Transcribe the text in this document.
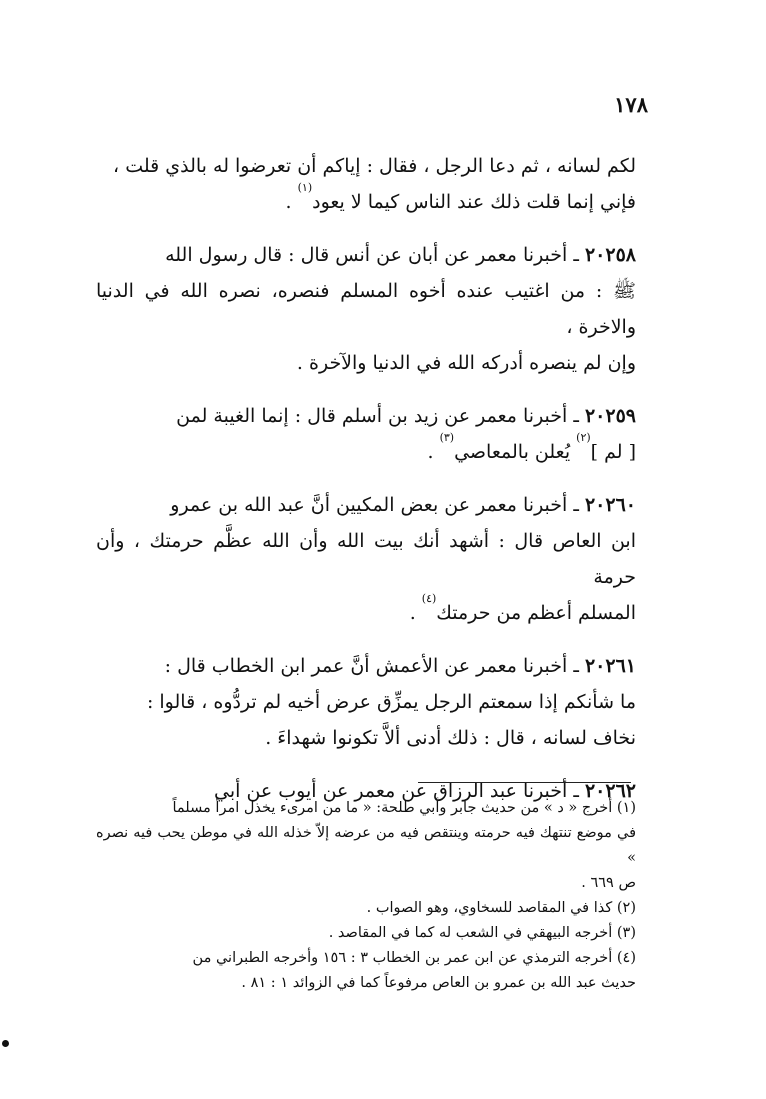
١٧٨

لكم لسانه ، ثم دعا الرجل ، فقال : إياكم أن تعرضوا له بالذي قلت ،

فإني إنما قلت ذلك عند الناس كيما لا يعود$^{(١)}$ .

٢٠٢٥٨ ـ أخبرنا معمر عن أبان عن أنس قال : قال رسول الله

ﷺ : من اغتيب عنده أخوه المسلم فنصره، نصره الله في الدنيا والاخرة ،

وإن لم ينصره أدركه الله في الدنيا والآخرة .

٢٠٢٥٩ ـ أخبرنا معمر عن زيد بن أسلم قال : إنما الغيبة لمن

[ لم ]$^{(٢)}$ يُعلن بالمعاصي$^{(٣)}$ .

٢٠٢٦٠ ـ أخبرنا معمر عن بعض المكيين أنَّ عبد الله بن عمرو

ابن العاص قال : أشهد أنك بيت الله وأن الله عظَّم حرمتك ، وأن حرمة

المسلم أعظم من حرمتك$^{(٤)}$ .

٢٠٢٦١ ـ أخبرنا معمر عن الأعمش أنَّ عمر ابن الخطاب قال :

ما شأنكم إذا سمعتم الرجل يمزِّق عرض أخيه لم تردُّوه ، قالوا :

نخاف لسانه ، قال : ذلك أدنى ألاَّ تكونوا شهداءَ .

٢٠٢٦٢ ـ أخبرنا عبد الرزاق عن معمر عن أيوب عن أبي

(١) أخرج « د » من حديث جابر وأبي طلحة: « ما من امرىء يخذل امرأ مسلماً

في موضع تنتهك فيه حرمته وينتقص فيه من عرضه إلاّ خذله الله في موطن يحب فيه نصره »

ص ٦٦٩ .

(٢) كذا في المقاصد للسخاوي، وهو الصواب .

(٣) أخرجه البيهقي في الشعب له كما في المقاصد .

(٤) أخرجه الترمذي عن ابن عمر بن الخطاب ٣ : ١٥٦ وأخرجه الطبراني من

حديث عبد الله بن عمرو بن العاص مرفوعاً كما في الزوائد ١ : ٨١ .
